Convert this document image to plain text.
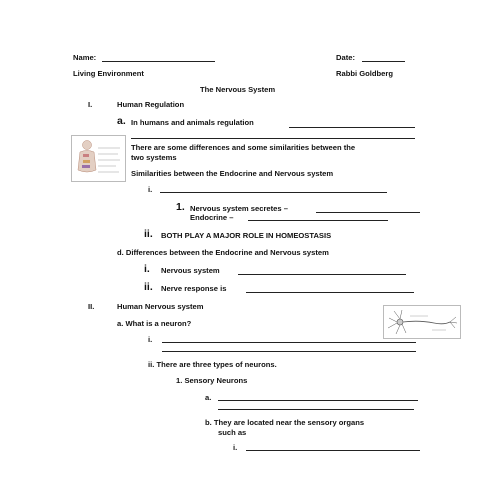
Name:	Date:
Living Environment	Rabbi Goldberg
The Nervous System
I.	Human Regulation
a. In humans and animals regulation
There are some differences and some similarities between the
two systems
Similarities between the Endocrine and Nervous system
i.
1. Nervous system secretes –
Endocrine –
ii. BOTH PLAY A MAJOR ROLE IN HOMEOSTASIS
d. Differences between the Endocrine and Nervous system
i. Nervous system
ii. Nerve response is
II.	Human Nervous system
a. What is a neuron?
i.
ii. There are three types of neurons.
1. Sensory Neurons
a.
b. They are located near the sensory organs
such as
i.
